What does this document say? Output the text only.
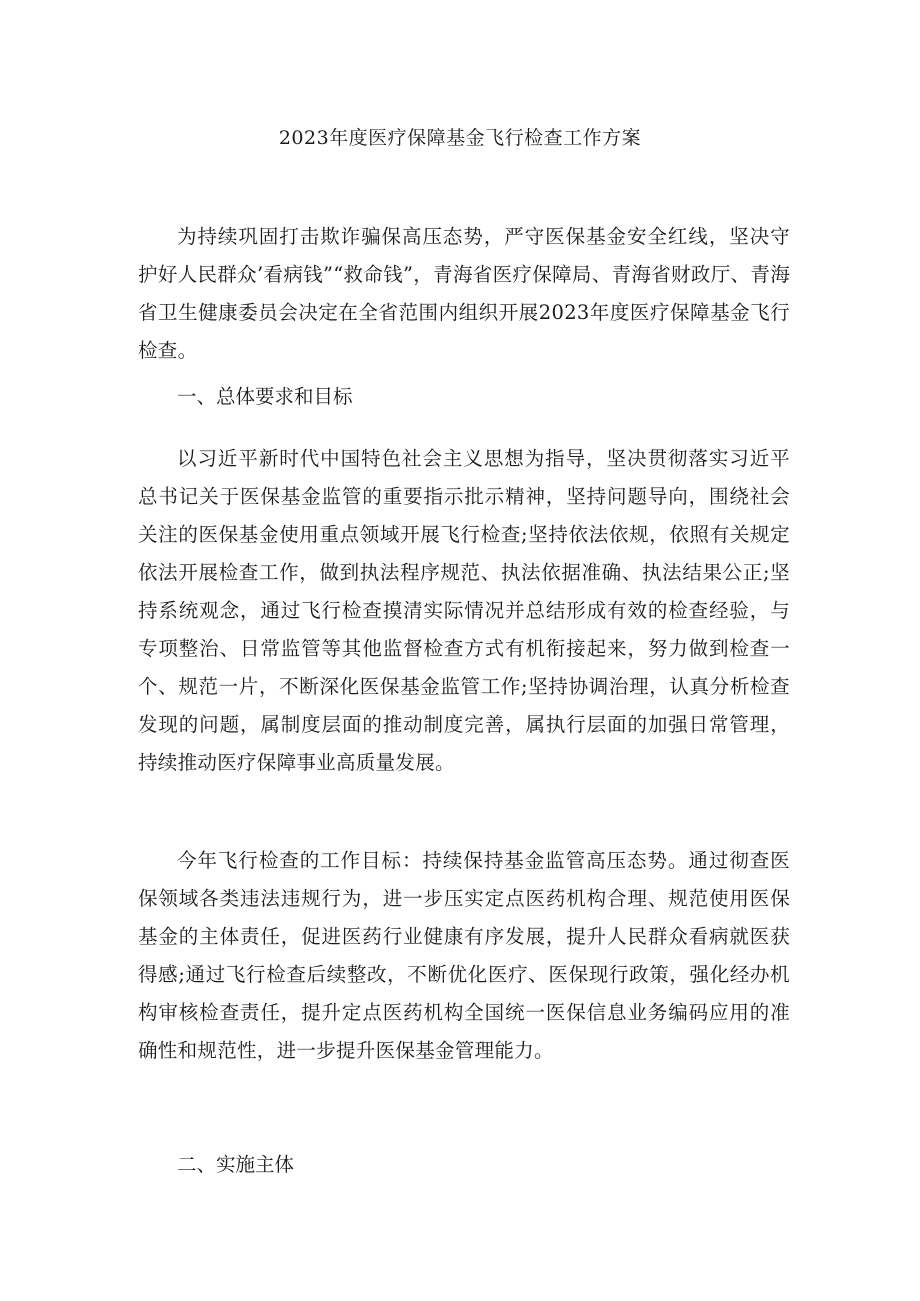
2023年度医疗保障基金飞行检查工作方案

为持续巩固打击欺诈骗保高压态势，严守医保基金安全红线，坚决守护好人民群众’看病钱”“救命钱”，青海省医疗保障局、青海省财政厅、青海省卫生健康委员会决定在全省范围内组织开展2023年度医疗保障基金飞行检查。

一、总体要求和目标

以习近平新时代中国特色社会主义思想为指导，坚决贯彻落实习近平总书记关于医保基金监管的重要指示批示精神，坚持问题导向，围绕社会关注的医保基金使用重点领域开展飞行检查;坚持依法依规，依照有关规定依法开展检查工作，做到执法程序规范、执法依据准确、执法结果公正;坚持系统观念，通过飞行检查摸清实际情况并总结形成有效的检查经验，与专项整治、日常监管等其他监督检查方式有机衔接起来，努力做到检查一个、规范一片，不断深化医保基金监管工作;坚持协调治理，认真分析检查发现的问题，属制度层面的推动制度完善，属执行层面的加强日常管理，持续推动医疗保障事业高质量发展。

今年飞行检查的工作目标：持续保持基金监管高压态势。通过彻查医保领域各类违法违规行为，进一步压实定点医药机构合理、规范使用医保基金的主体责任，促进医药行业健康有序发展，提升人民群众看病就医获得感;通过飞行检查后续整改，不断优化医疗、医保现行政策，强化经办机构审核检查责任，提升定点医药机构全国统一医保信息业务编码应用的准确性和规范性，进一步提升医保基金管理能力。

二、实施主体
